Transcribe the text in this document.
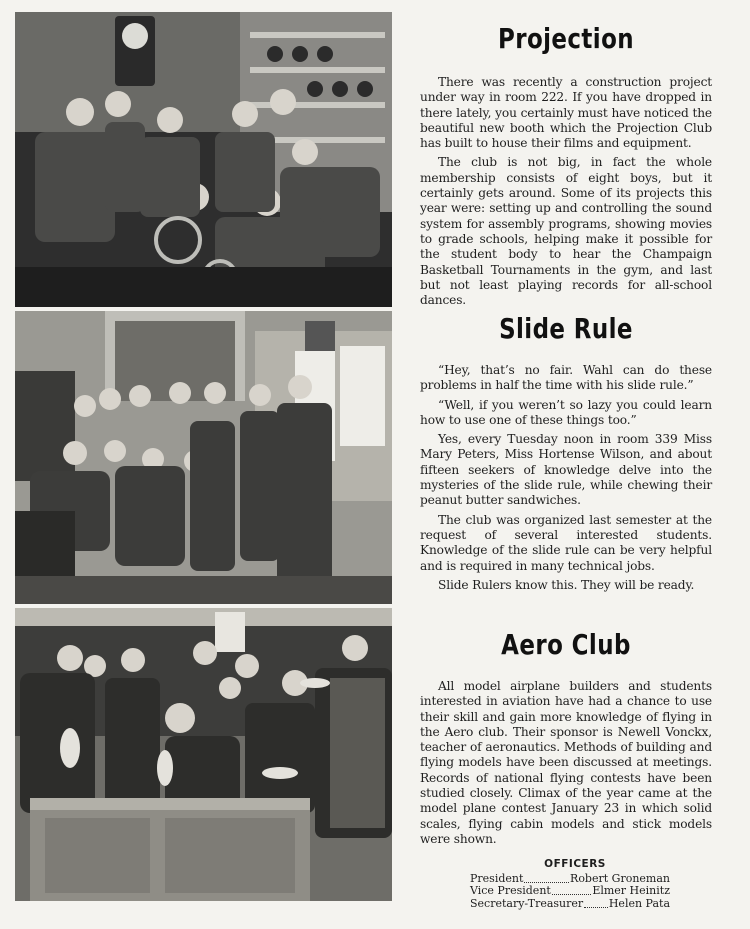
Projection

There was recently a construction project under way in room 222. If you have dropped in there lately, you certainly must have noticed the beautiful new booth which the Projection Club has built to house their films and equipment.

The club is not big, in fact the whole membership consists of eight boys, but it certainly gets around. Some of its projects this year were: setting up and controlling the sound system for assembly programs, showing movies to grade schools, helping make it possible for the student body to hear the Champaign Basketball Tournaments in the gym, and last but not least playing records for all-school dances.

Slide Rule

“Hey, that’s no fair. Wahl can do these problems in half the time with his slide rule.”

“Well, if you weren’t so lazy you could learn how to use one of these things too.”

Yes, every Tuesday noon in room 339 Miss Mary Peters, Miss Hortense Wilson, and about fifteen seekers of knowledge delve into the mysteries of the slide rule, while chewing their peanut butter sandwiches.

The club was organized last semester at the request of several interested students. Knowledge of the slide rule can be very helpful and is required in many technical jobs.

Slide Rulers know this. They will be ready.

Aero Club

All model airplane builders and students interested in aviation have had a chance to use their skill and gain more knowledge of flying in the Aero club. Their sponsor is Newell Vonckx, teacher of aeronautics. Methods of building and flying models have been discussed at meetings. Records of national flying contests have been studied closely. Climax of the year came at the model plane contest January 23 in which solid scales, flying cabin models and stick models were shown.

OFFICERS
President	Robert Groneman
Vice President	Elmer Heinitz
Secretary-Treasurer Helen Pata
